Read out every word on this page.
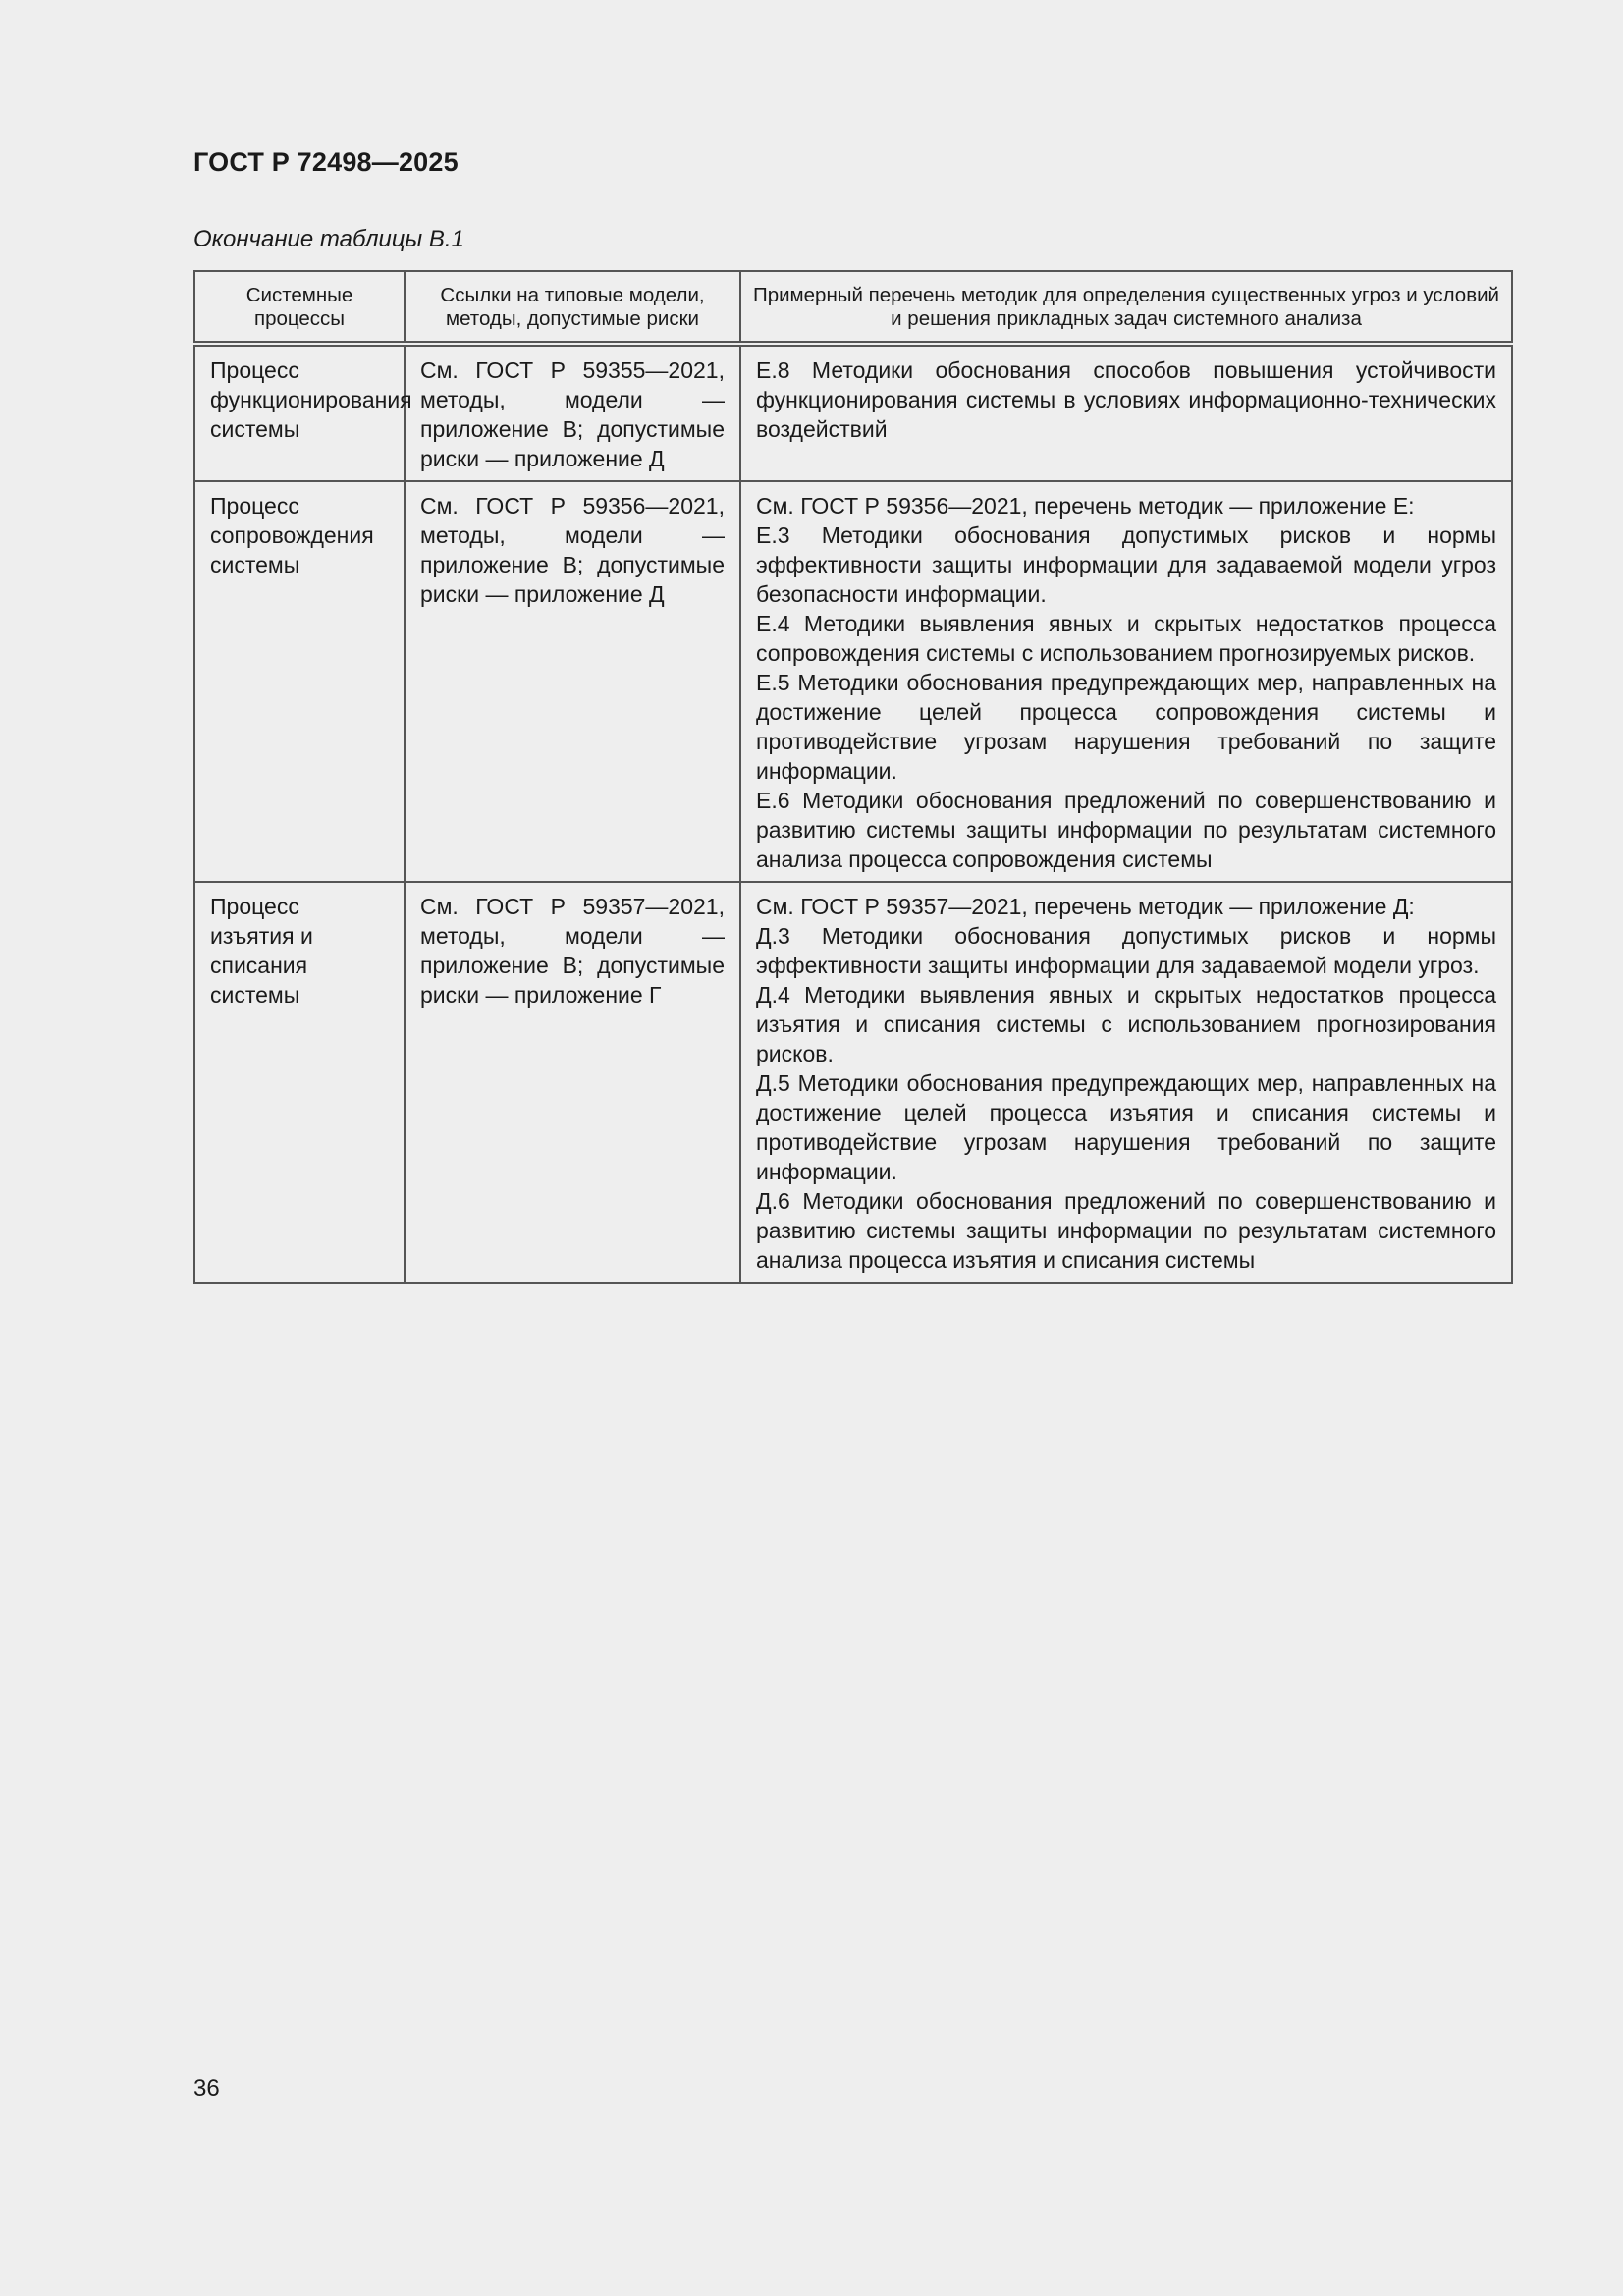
ГОСТ Р 72498—2025
Окончание таблицы В.1
Системные процессы	Ссылки на типовые модели, методы, допустимые риски	Примерный перечень методик для определения существенных угроз и условий и решения прикладных задач системного анализа
Процесс функционирования системы	См. ГОСТ Р 59355—2021, методы, модели — приложение В; допустимые риски — приложение Д	Е.8 Методики обоснования способов повышения устойчивости функционирования системы в условиях информационно-технических воздействий

Процесс сопровождения системы	См. ГОСТ Р 59356—2021, методы, модели — приложение В; допустимые риски — приложение Д	См. ГОСТ Р 59356—2021, перечень методик — приложение Е:
Е.3 Методики обоснования допустимых рисков и нормы эффективности защиты информации для задаваемой модели угроз безопасности информации.
Е.4 Методики выявления явных и скрытых недостатков процесса сопровождения системы с использованием прогнозируемых рисков.
Е.5 Методики обоснования предупреждающих мер, направленных на достижение целей процесса сопровождения системы и противодействие угрозам нарушения требований по защите информации.
Е.6 Методики обоснования предложений по совершенствованию и развитию системы защиты информации по результатам системного анализа процесса сопровождения системы

Процесс изъятия и списания системы	См. ГОСТ Р 59357—2021, методы, модели — приложение В; допустимые риски — приложение Г	См. ГОСТ Р 59357—2021, перечень методик — приложение Д:
Д.3 Методики обоснования допустимых рисков и нормы эффективности защиты информации для задаваемой модели угроз.
Д.4 Методики выявления явных и скрытых недостатков процесса изъятия и списания системы с использованием прогнозирования рисков.
Д.5 Методики обоснования предупреждающих мер, направленных на достижение целей процесса изъятия и списания системы и противодействие угрозам нарушения требований по защите информации.
Д.6 Методики обоснования предложений по совершенствованию и развитию системы защиты информации по результатам системного анализа процесса изъятия и списания системы
36
